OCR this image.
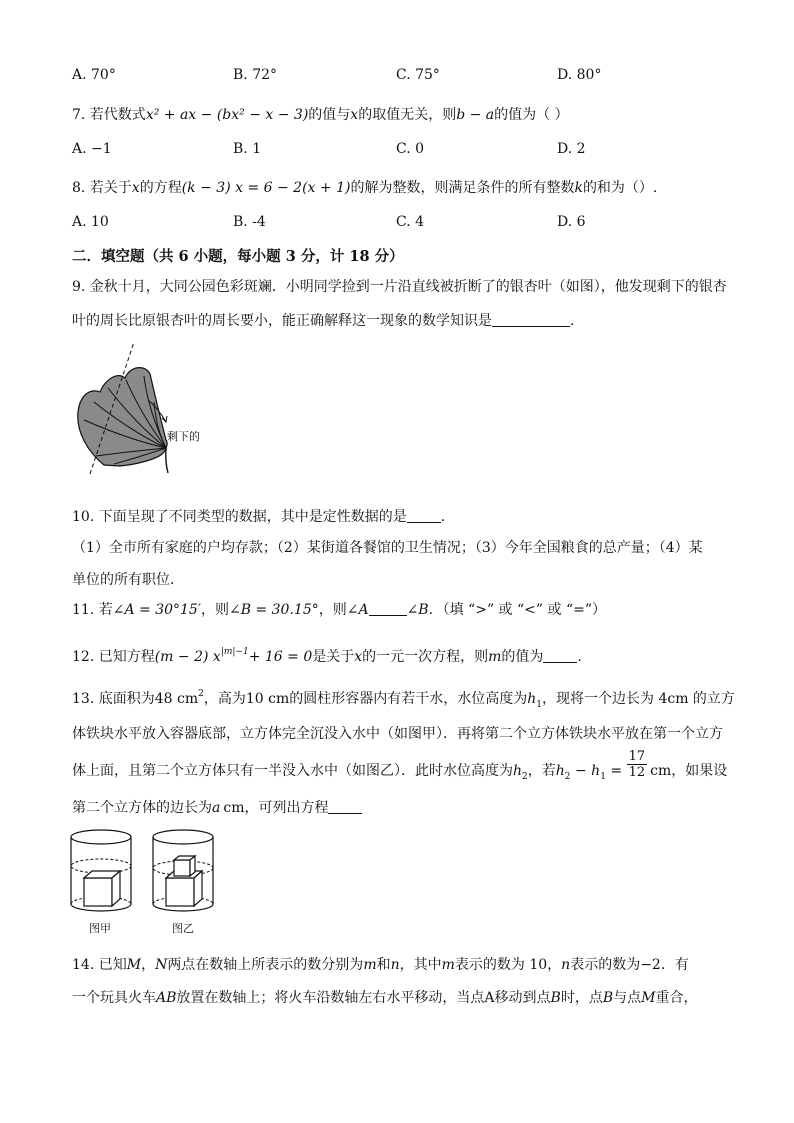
A. 70°	B. 72°	C. 75°	D. 80°
7. 若代数式x² + ax − (bx² − x − 3)的值与x的取值无关，则b − a的值为（ ）
A. −1	B. 1	C. 0	D. 2
8. 若关于x的方程(k − 3) x = 6 − 2(x + 1)的解为整数，则满足条件的所有整数k的和为（）.
A. 10	B. -4	C. 4	D. 6
二．填空题（共 6 小题，每小题 3 分，计 18 分）
9. 金秋十月，大同公园色彩斑斓．小明同学捡到一片沿直线被折断了的银杏叶（如图），他发现剩下的银杏
叶的周长比原银杏叶的周长要小，能正确解释这一现象的数学知识是	.
剩下的
10. 下面呈现了不同类型的数据，其中是定性数据的是 .
（1）全市所有家庭的户均存款；（2）某街道各餐馆的卫生情况；（3）今年全国粮食的总产量；（4）某
单位的所有职位．
11. 若∠A = 30°15′，则∠B = 30.15°，则∠A	∠B．（填 “>” 或 “<” 或 “=”）
12. 已知方程(m − 2) $x^{|m|-1}+ 16 = 0$是关于x的一元一次方程，则m的值为 .
13. 底面积为48 $cm^2$，高为10 cm的圆柱形容器内有若干水，水位高度为$h_1$，现将一个边长为 4cm 的立方
体铁块水平放入容器底部，立方体完全沉没入水中（如图甲）．再将第二个立方体铁块水平放在第一个立方
体上面，且第二个立方体只有一半没入水中（如图乙）．此时水位高度为$h_2$，若$h_2 - h_1 = \frac{17}{12}$ cm，如果设
第二个立方体的边长为a cm，可列出方程
图甲	图乙
14. 已知M，N两点在数轴上所表示的数分别为m和n，其中m表示的数为 10，n表示的数为−2．有
一个玩具火车AB放置在数轴上；将火车沿数轴左右水平移动，当点A移动到点B时，点B与点M重合，
